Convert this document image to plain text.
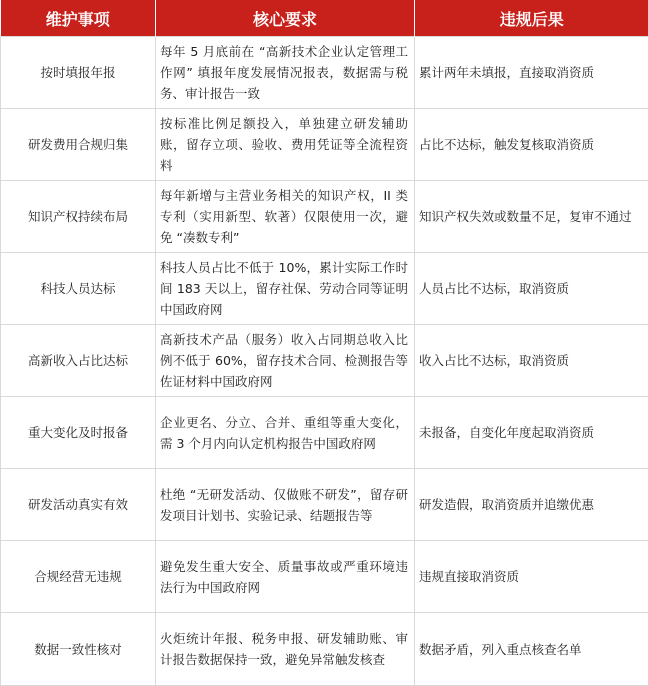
维护事项	核心要求	违规后果
按时填报年报	每年 5 月底前在 “高新技术企业认定管理工作网” 填报年度发展情况报表，数据需与税务、审计报告一致	累计两年未填报，直接取消资质
研发费用合规归集	按标准比例足额投入，单独建立研发辅助账，留存立项、验收、费用凭证等全流程资料	占比不达标，触发复核取消资质
知识产权持续布局	每年新增与主营业务相关的知识产权，II 类专利（实用新型、软著）仅限使用一次，避免 “凑数专利”	知识产权失效或数量不足，复审不通过
科技人员达标	科技人员占比不低于 10%，累计实际工作时间 183 天以上，留存社保、劳动合同等证明中国政府网	人员占比不达标，取消资质
高新收入占比达标	高新技术产品（服务）收入占同期总收入比例不低于 60%，留存技术合同、检测报告等佐证材料中国政府网	收入占比不达标，取消资质
重大变化及时报备	企业更名、分立、合并、重组等重大变化，需 3 个月内向认定机构报告中国政府网	未报备，自变化年度起取消资质
研发活动真实有效	杜绝 “无研发活动、仅做账不研发”，留存研发项目计划书、实验记录、结题报告等	研发造假，取消资质并追缴优惠
合规经营无违规	避免发生重大安全、质量事故或严重环境违法行为中国政府网	违规直接取消资质
数据一致性核对	火炬统计年报、税务申报、研发辅助账、审计报告数据保持一致，避免异常触发核查	数据矛盾，列入重点核查名单
